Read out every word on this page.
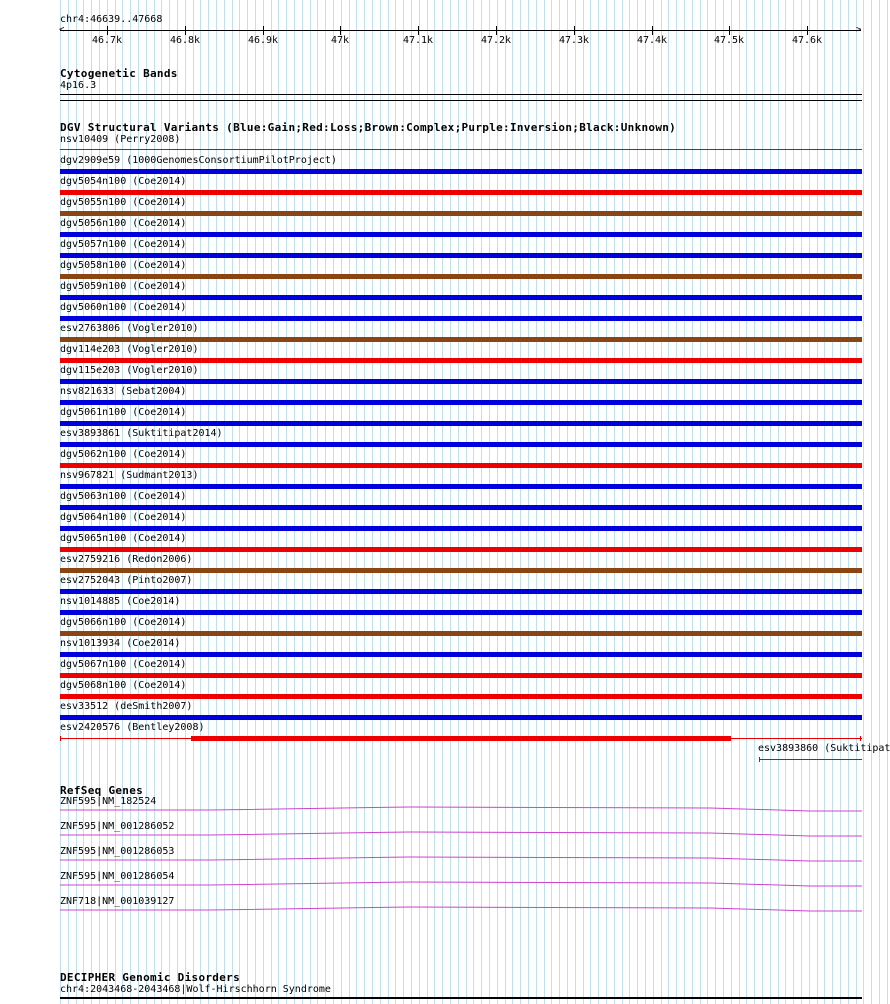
chr4:46639..47668
<	>
46.7k	46.8k	46.9k	47k	47.1k	47.2k	47.3k	47.4k	47.5k	47.6k
Cytogenetic Bands
4p16.3
DGV Structural Variants (Blue:Gain;Red:Loss;Brown:Complex;Purple:Inversion;Black:Unknown)
nsv10409 (Perry2008)
dgv2909e59 (1000GenomesConsortiumPilotProject)
dgv5054n100 (Coe2014)
dgv5055n100 (Coe2014)
dgv5056n100 (Coe2014)
dgv5057n100 (Coe2014)
dgv5058n100 (Coe2014)
dgv5059n100 (Coe2014)
dgv5060n100 (Coe2014)
esv2763806 (Vogler2010)
dgv114e203 (Vogler2010)
dgv115e203 (Vogler2010)
nsv821633 (Sebat2004)
dgv5061n100 (Coe2014)
esv3893861 (Suktitipat2014)
dgv5062n100 (Coe2014)
nsv967821 (Sudmant2013)
dgv5063n100 (Coe2014)
dgv5064n100 (Coe2014)
dgv5065n100 (Coe2014)
esv2759216 (Redon2006)
esv2752043 (Pinto2007)
nsv1014885 (Coe2014)
dgv5066n100 (Coe2014)
nsv1013934 (Coe2014)
dgv5067n100 (Coe2014)
dgv5068n100 (Coe2014)
esv33512 (deSmith2007)
esv2420576 (Bentley2008)
esv3893860 (Suktitipat
RefSeq Genes
ZNF595|NM_182524
ZNF595|NM_001286052
ZNF595|NM_001286053
ZNF595|NM_001286054
ZNF718|NM_001039127
DECIPHER Genomic Disorders
chr4:2043468-2043468|Wolf-Hirschhorn Syndrome
